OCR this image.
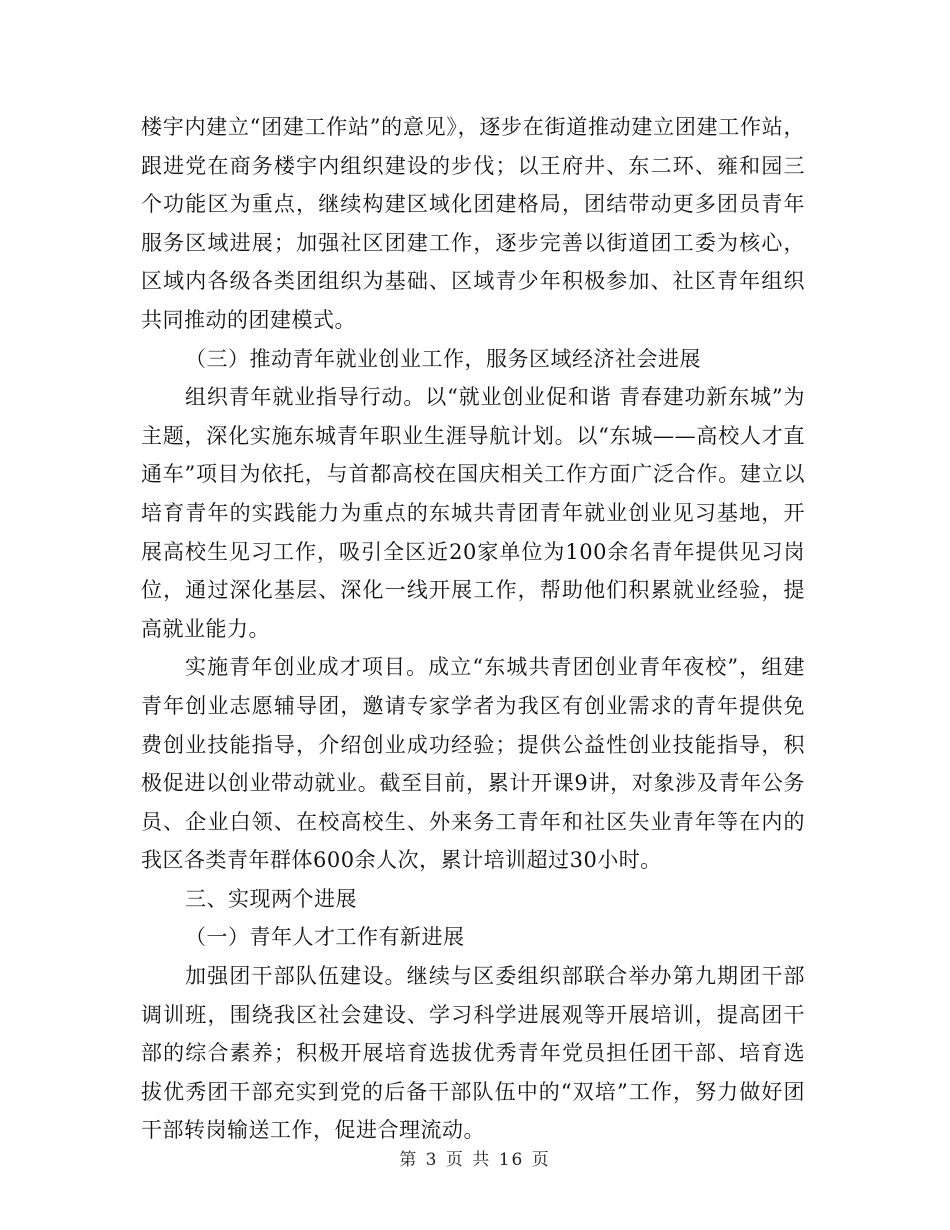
楼宇内建立“团建工作站”的意见》，逐步在街道推动建立团建工作站，跟进党在商务楼宇内组织建设的步伐；以王府井、东二环、雍和园三个功能区为重点，继续构建区域化团建格局，团结带动更多团员青年服务区域进展；加强社区团建工作，逐步完善以街道团工委为核心，区域内各级各类团组织为基础、区域青少年积极参加、社区青年组织共同推动的团建模式。

（三）推动青年就业创业工作，服务区域经济社会进展

组织青年就业指导行动。以“就业创业促和谐 青春建功新东城”为主题，深化实施东城青年职业生涯导航计划。以“东城——高校人才直通车”项目为依托，与首都高校在国庆相关工作方面广泛合作。建立以培育青年的实践能力为重点的东城共青团青年就业创业见习基地，开展高校生见习工作，吸引全区近20家单位为100余名青年提供见习岗位，通过深化基层、深化一线开展工作，帮助他们积累就业经验，提高就业能力。

实施青年创业成才项目。成立“东城共青团创业青年夜校”，组建青年创业志愿辅导团，邀请专家学者为我区有创业需求的青年提供免费创业技能指导，介绍创业成功经验；提供公益性创业技能指导，积极促进以创业带动就业。截至目前，累计开课9讲，对象涉及青年公务员、企业白领、在校高校生、外来务工青年和社区失业青年等在内的我区各类青年群体600余人次，累计培训超过30小时。

三、实现两个进展

（一）青年人才工作有新进展

加强团干部队伍建设。继续与区委组织部联合举办第九期团干部调训班，围绕我区社会建设、学习科学进展观等开展培训，提高团干部的综合素养；积极开展培育选拔优秀青年党员担任团干部、培育选拔优秀团干部充实到党的后备干部队伍中的“双培”工作，努力做好团干部转岗输送工作，促进合理流动。

第 3 页 共 16 页
